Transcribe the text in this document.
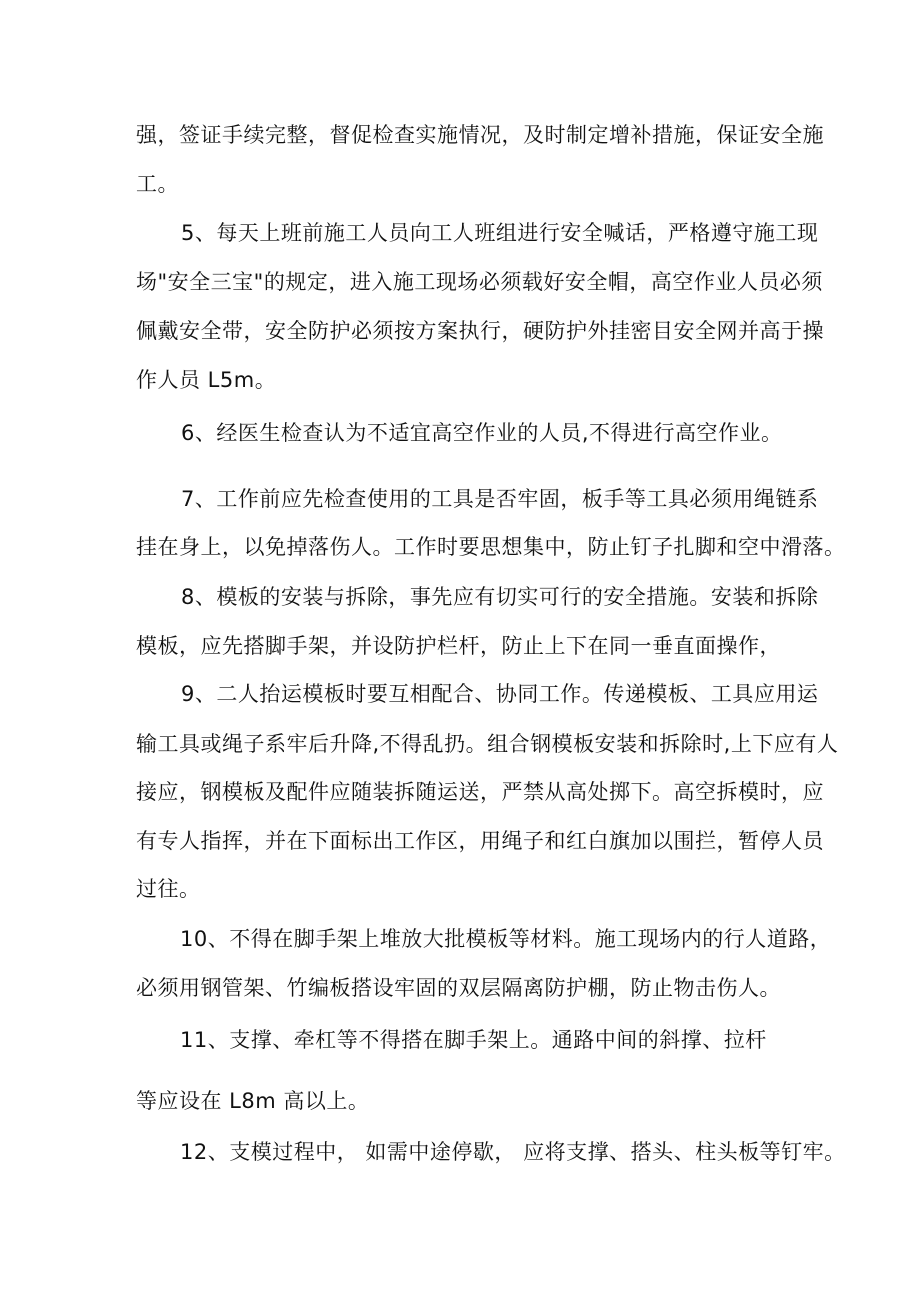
强，签证手续完整，督促检查实施情况，及时制定增补措施，保证安全施
工。
5、每天上班前施工人员向工人班组进行安全喊话，严格遵守施工现
场"安全三宝"的规定，进入施工现场必须载好安全帽，高空作业人员必须
佩戴安全带，安全防护必须按方案执行，硬防护外挂密目安全网并高于操
作人员 L5m。
6、经医生检查认为不适宜高空作业的人员,不得进行高空作业。
7、工作前应先检查使用的工具是否牢固，板手等工具必须用绳链系
挂在身上，以免掉落伤人。工作时要思想集中，防止钉子扎脚和空中滑落。
8、模板的安装与拆除，事先应有切实可行的安全措施。安装和拆除
模板，应先搭脚手架，并设防护栏杆，防止上下在同一垂直面操作，
9、二人抬运模板时要互相配合、协同工作。传递模板、工具应用运
输工具或绳子系牢后升降,不得乱扔。组合钢模板安装和拆除时,上下应有人
接应，钢模板及配件应随装拆随运送，严禁从高处掷下。高空拆模时，应
有专人指挥，并在下面标出工作区，用绳子和红白旗加以围拦，暂停人员
过往。
10、不得在脚手架上堆放大批模板等材料。施工现场内的行人道路，
必须用钢管架、竹编板搭设牢固的双层隔离防护棚，防止物击伤人。
11、支撑、牵杠等不得搭在脚手架上。通路中间的斜撑、拉杆
等应设在 L8m 高以上。
12、支模过程中， 如需中途停歇， 应将支撑、搭头、柱头板等钉牢。
